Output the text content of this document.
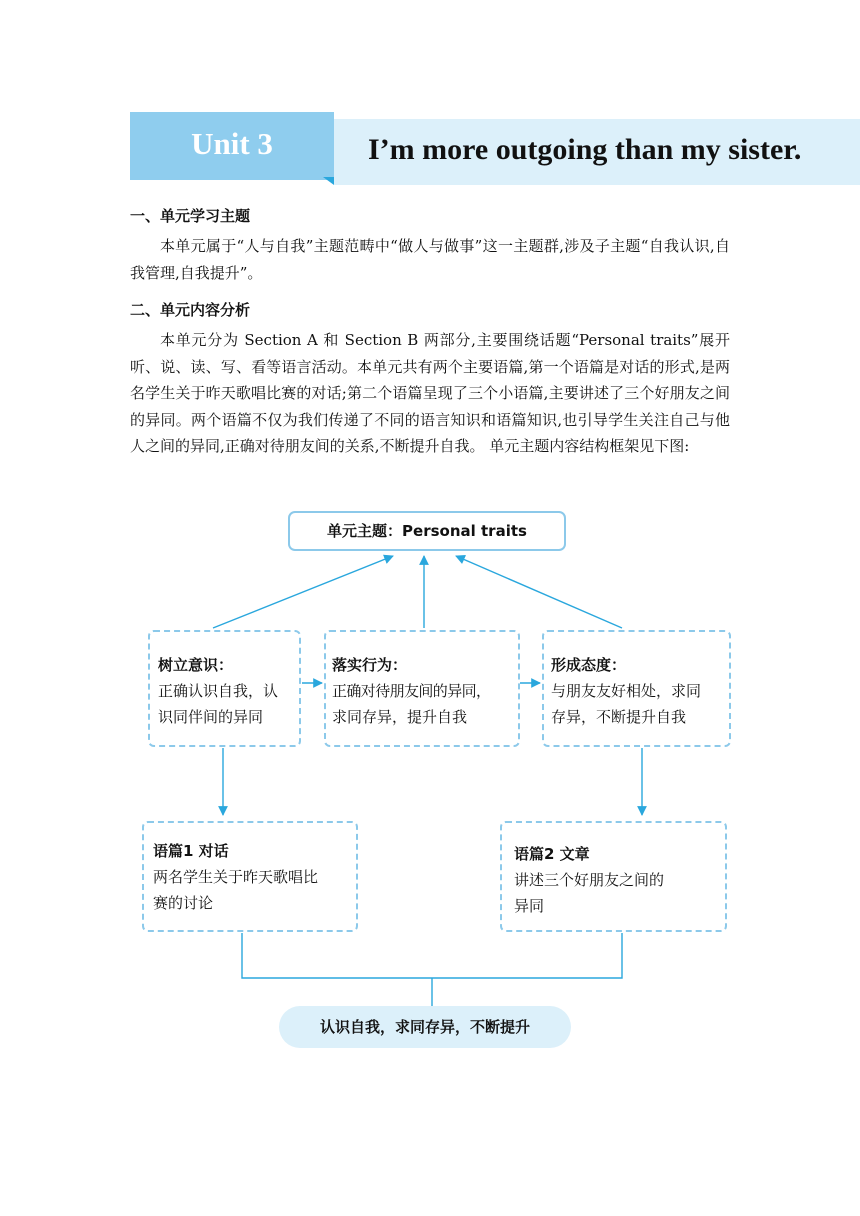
Unit 3	I’m more outgoing than my sister.
一、单元学习主题
本单元属于“人与自我”主题范畴中“做人与做事”这一主题群,涉及子主题“自我认识,自我管理,自我提升”。
二、单元内容分析
本单元分为 Section A 和 Section B 两部分,主要围绕话题“Personal traits”展开听、说、读、写、看等语言活动。本单元共有两个主要语篇,第一个语篇是对话的形式,是两名学生关于昨天歌唱比赛的对话;第二个语篇呈现了三个小语篇,主要讲述了三个好朋友之间的异同。两个语篇不仅为我们传递了不同的语言知识和语篇知识,也引导学生关注自己与他人之间的异同,正确对待朋友间的关系,不断提升自我。 单元主题内容结构框架见下图:
单元主题：Personal traits
树立意识：
正确认识自我，认
识同伴间的异同
落实行为：
正确对待朋友间的异同，
求同存异，提升自我
形成态度：
与朋友友好相处，求同
存异，不断提升自我
语篇1 对话
两名学生关于昨天歌唱比
赛的讨论
语篇2 文章
讲述三个好朋友之间的
异同
认识自我，求同存异，不断提升
